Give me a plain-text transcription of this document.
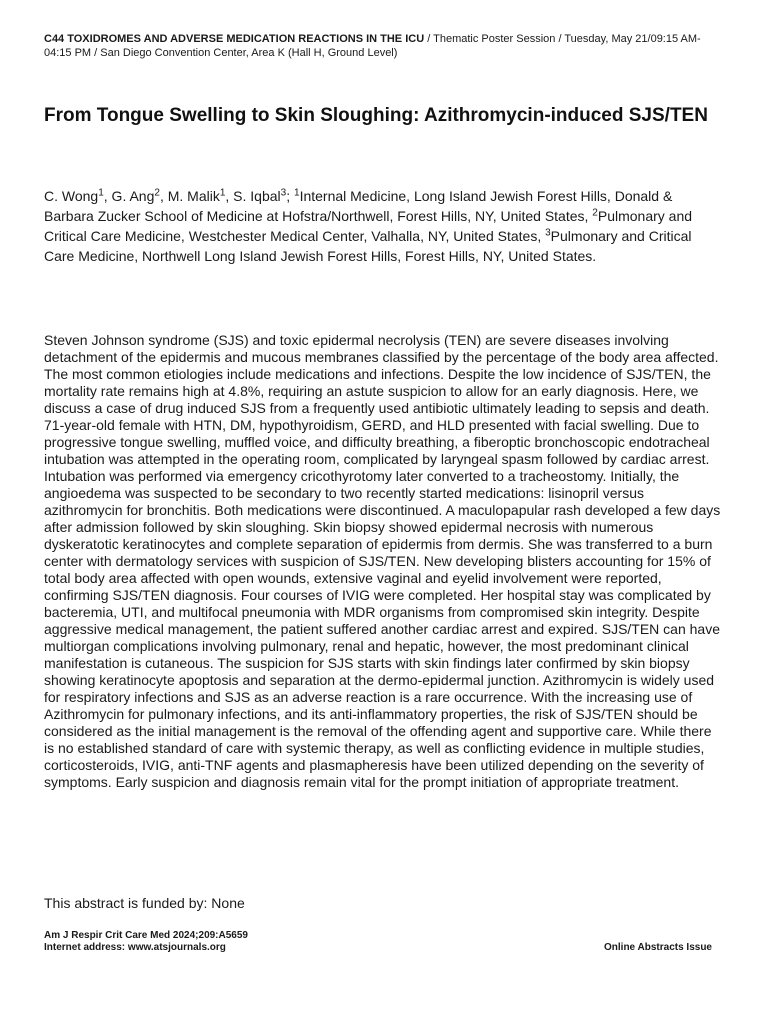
C44 TOXIDROMES AND ADVERSE MEDICATION REACTIONS IN THE ICU / Thematic Poster Session / Tuesday, May 21/09:15 AM-04:15 PM / San Diego Convention Center, Area K (Hall H, Ground Level)

From Tongue Swelling to Skin Sloughing: Azithromycin-induced SJS/TEN

C. Wong$^1$, G. Ang$^2$, M. Malik$^1$, S. Iqbal$^3$; $^1$Internal Medicine, Long Island Jewish Forest Hills, Donald & Barbara Zucker School of Medicine at Hofstra/Northwell, Forest Hills, NY, United States, $^2$Pulmonary and Critical Care Medicine, Westchester Medical Center, Valhalla, NY, United States, $^3$Pulmonary and Critical Care Medicine, Northwell Long Island Jewish Forest Hills, Forest Hills, NY, United States.

Steven Johnson syndrome (SJS) and toxic epidermal necrolysis (TEN) are severe diseases involving detachment of the epidermis and mucous membranes classified by the percentage of the body area affected. The most common etiologies include medications and infections. Despite the low incidence of SJS/TEN, the mortality rate remains high at 4.8%, requiring an astute suspicion to allow for an early diagnosis. Here, we discuss a case of drug induced SJS from a frequently used antibiotic ultimately leading to sepsis and death. 71-year-old female with HTN, DM, hypothyroidism, GERD, and HLD presented with facial swelling. Due to progressive tongue swelling, muffled voice, and difficulty breathing, a fiberoptic bronchoscopic endotracheal intubation was attempted in the operating room, complicated by laryngeal spasm followed by cardiac arrest. Intubation was performed via emergency cricothyrotomy later converted to a tracheostomy. Initially, the angioedema was suspected to be secondary to two recently started medications: lisinopril versus azithromycin for bronchitis. Both medications were discontinued. A maculopapular rash developed a few days after admission followed by skin sloughing. Skin biopsy showed epidermal necrosis with numerous dyskeratotic keratinocytes and complete separation of epidermis from dermis. She was transferred to a burn center with dermatology services with suspicion of SJS/TEN. New developing blisters accounting for 15% of total body area affected with open wounds, extensive vaginal and eyelid involvement were reported, confirming SJS/TEN diagnosis. Four courses of IVIG were completed. Her hospital stay was complicated by bacteremia, UTI, and multifocal pneumonia with MDR organisms from compromised skin integrity. Despite aggressive medical management, the patient suffered another cardiac arrest and expired. SJS/TEN can have multiorgan complications involving pulmonary, renal and hepatic, however, the most predominant clinical manifestation is cutaneous. The suspicion for SJS starts with skin findings later confirmed by skin biopsy showing keratinocyte apoptosis and separation at the dermo-epidermal junction. Azithromycin is widely used for respiratory infections and SJS as an adverse reaction is a rare occurrence. With the increasing use of Azithromycin for pulmonary infections, and its anti-inflammatory properties, the risk of SJS/TEN should be considered as the initial management is the removal of the offending agent and supportive care. While there is no established standard of care with systemic therapy, as well as conflicting evidence in multiple studies, corticosteroids, IVIG, anti-TNF agents and plasmapheresis have been utilized depending on the severity of symptoms. Early suspicion and diagnosis remain vital for the prompt initiation of appropriate treatment.

This abstract is funded by: None

Am J Respir Crit Care Med 2024;209:A5659
Internet address: www.atsjournals.org	Online Abstracts Issue
